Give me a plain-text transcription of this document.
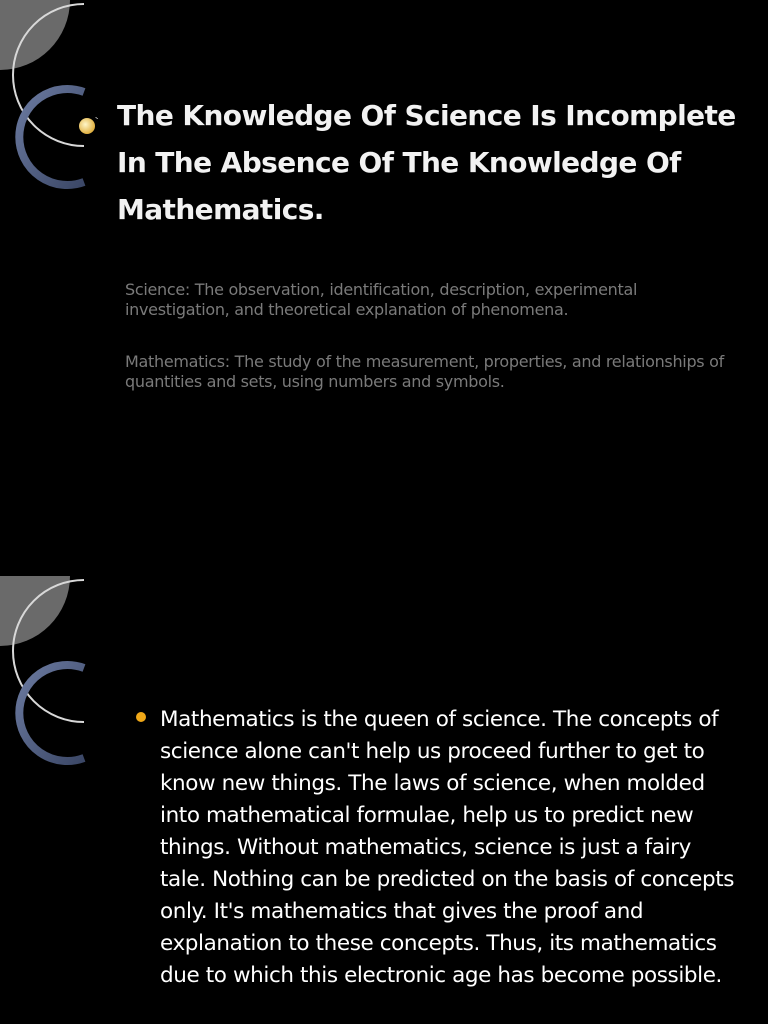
The Knowledge Of Science Is Incomplete In The Absence Of The Knowledge Of Mathematics.

Science: The observation, identification, description, experimental investigation, and theoretical explanation of phenomena.

Mathematics: The study of the measurement, properties, and relationships of quantities and sets, using numbers and symbols.

Mathematics is the queen of science. The concepts of science alone can't help us proceed further to get to know new things. The laws of science, when molded into mathematical formulae, help us to predict new things. Without mathematics, science is just a fairy tale. Nothing can be predicted on the basis of concepts only. It's mathematics that gives the proof and explanation to these concepts. Thus, its mathematics due to which this electronic age has become possible.
